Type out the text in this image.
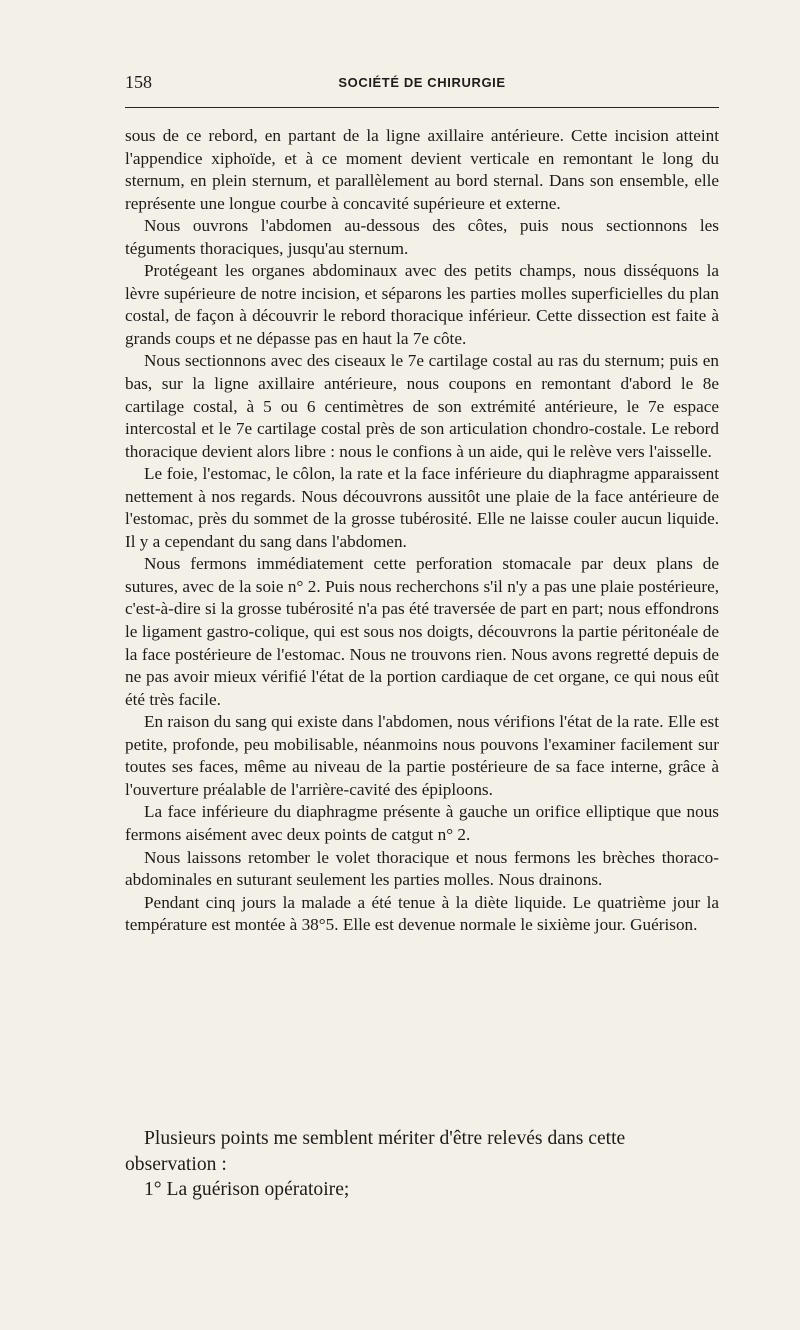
158	SOCIÉTÉ DE CHIRURGIE

sous de ce rebord, en partant de la ligne axillaire antérieure. Cette incision atteint l'appendice xiphoïde, et à ce moment devient verticale en remontant le long du sternum, en plein sternum, et parallèlement au bord sternal. Dans son ensemble, elle représente une longue courbe à concavité supérieure et externe.

Nous ouvrons l'abdomen au-dessous des côtes, puis nous sectionnons les téguments thoraciques, jusqu'au sternum.

Protégeant les organes abdominaux avec des petits champs, nous disséquons la lèvre supérieure de notre incision, et séparons les parties molles superficielles du plan costal, de façon à découvrir le rebord thoracique inférieur. Cette dissection est faite à grands coups et ne dépasse pas en haut la 7e côte.

Nous sectionnons avec des ciseaux le 7e cartilage costal au ras du sternum; puis en bas, sur la ligne axillaire antérieure, nous coupons en remontant d'abord le 8e cartilage costal, à 5 ou 6 centimètres de son extrémité antérieure, le 7e espace intercostal et le 7e cartilage costal près de son articulation chondro-costale. Le rebord thoracique devient alors libre : nous le confions à un aide, qui le relève vers l'aisselle.

Le foie, l'estomac, le côlon, la rate et la face inférieure du diaphragme apparaissent nettement à nos regards. Nous découvrons aussitôt une plaie de la face antérieure de l'estomac, près du sommet de la grosse tubérosité. Elle ne laisse couler aucun liquide. Il y a cependant du sang dans l'abdomen.

Nous fermons immédiatement cette perforation stomacale par deux plans de sutures, avec de la soie n° 2. Puis nous recherchons s'il n'y a pas une plaie postérieure, c'est-à-dire si la grosse tubérosité n'a pas été traversée de part en part; nous effondrons le ligament gastro-colique, qui est sous nos doigts, découvrons la partie péritonéale de la face postérieure de l'estomac. Nous ne trouvons rien. Nous avons regretté depuis de ne pas avoir mieux vérifié l'état de la portion cardiaque de cet organe, ce qui nous eût été très facile.

En raison du sang qui existe dans l'abdomen, nous vérifions l'état de la rate. Elle est petite, profonde, peu mobilisable, néanmoins nous pouvons l'examiner facilement sur toutes ses faces, même au niveau de la partie postérieure de sa face interne, grâce à l'ouverture préalable de l'arrière-cavité des épiploons.

La face inférieure du diaphragme présente à gauche un orifice elliptique que nous fermons aisément avec deux points de catgut n° 2.

Nous laissons retomber le volet thoracique et nous fermons les brèches thoraco-abdominales en suturant seulement les parties molles. Nous drainons.

Pendant cinq jours la malade a été tenue à la diète liquide. Le quatrième jour la température est montée à 38°5. Elle est devenue normale le sixième jour. Guérison.

Plusieurs points me semblent mériter d'être relevés dans cette observation :

1° La guérison opératoire;
